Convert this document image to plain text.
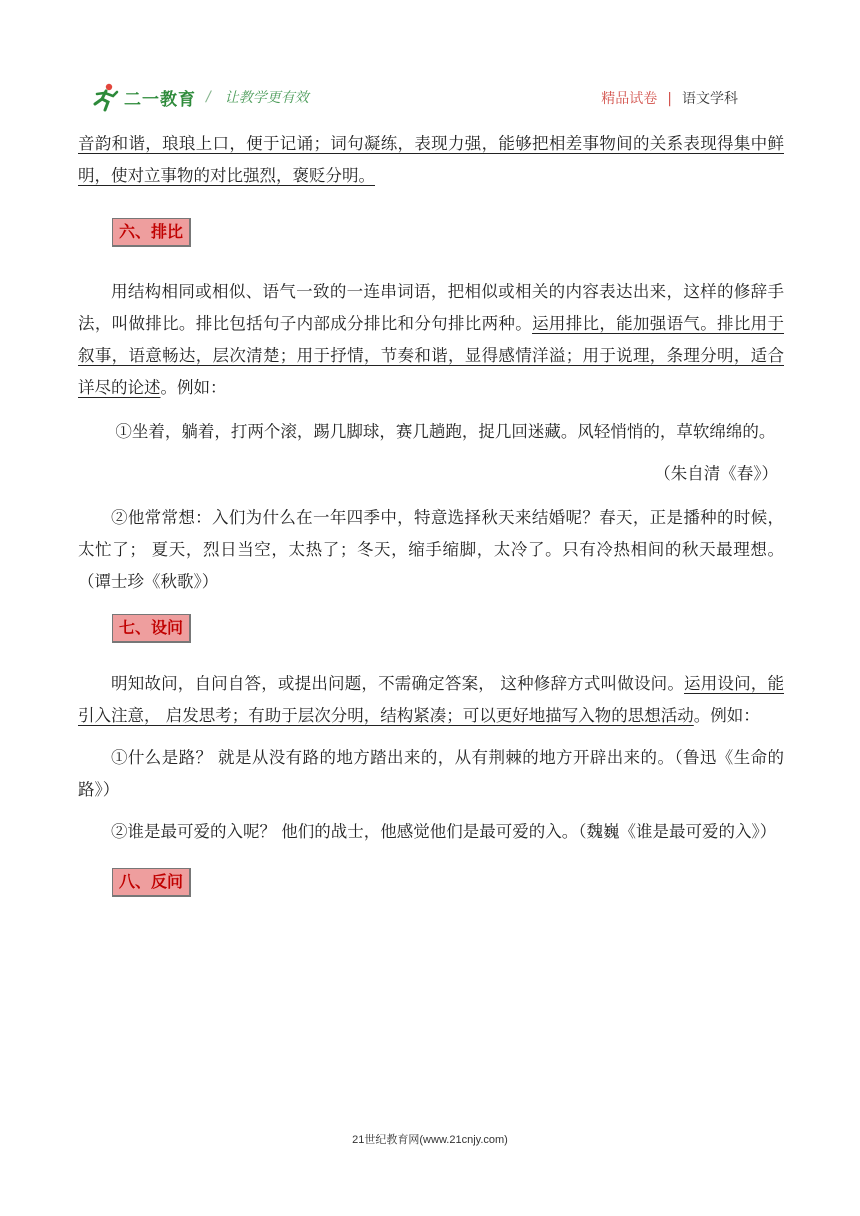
二一教育 / 让教学更有效	精品试卷 | 语文学科

音韵和谐，琅琅上口，便于记诵；词句凝练，表现力强，能够把相差事物间的关系表现得集中鲜明，使对立事物的对比强烈，褒贬分明。

六、排比

用结构相同或相似、语气一致的一连串词语，把相似或相关的内容表达出来，这样的修辞手法，叫做排比。排比包括句子内部成分排比和分句排比两种。运用排比，能加强语气。排比用于叙事，语意畅达，层次清楚；用于抒情，节奏和谐，显得感情洋溢；用于说理，条理分明，适合详尽的论述。例如：

①坐着，躺着，打两个滚，踢几脚球，赛几趟跑，捉几回迷藏。风轻悄悄的，草软绵绵的。

（朱自清《春》）

②他常常想：入们为什么在一年四季中，特意选择秋天来结婚呢？春天，正是播种的时候，太忙了； 夏天，烈日当空，太热了；冬天，缩手缩脚，太冷了。只有冷热相间的秋天最理想。（谭士珍《秋歌》）

七、设问

明知故问，自问自答，或提出问题，不需确定答案， 这种修辞方式叫做设问。运用设问，能引入注意， 启发思考；有助于层次分明，结构紧凑；可以更好地描写入物的思想活动。例如：

①什么是路？ 就是从没有路的地方踏出来的，从有荆棘的地方开辟出来的。（鲁迅《生命的路》）

②谁是最可爱的入呢？ 他们的战士，他感觉他们是最可爱的入。（魏巍《谁是最可爱的入》）

八、反问
21世纪教育网(www.21cnjy.com)
